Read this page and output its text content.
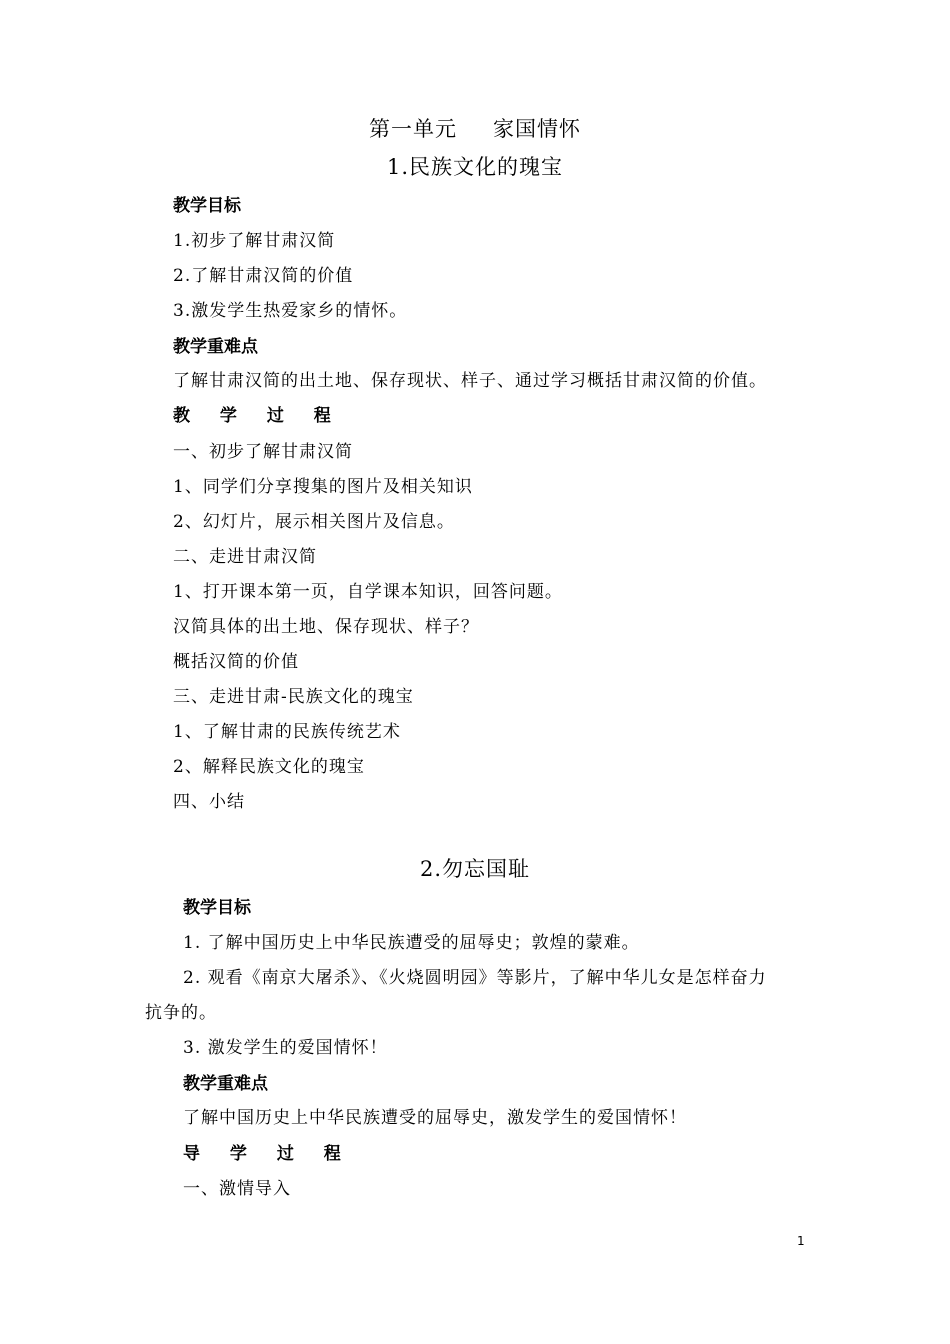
第一单元 家国情怀
1.民族文化的瑰宝
教学目标
1.初步了解甘肃汉简
2.了解甘肃汉简的价值
3.激发学生热爱家乡的情怀。
教学重难点
了解甘肃汉简的出土地、保存现状、样子、通过学习概括甘肃汉简的价值。
教 学 过 程
一、初步了解甘肃汉简
1、同学们分享搜集的图片及相关知识
2、幻灯片，展示相关图片及信息。
二、走进甘肃汉简
1、打开课本第一页，自学课本知识，回答问题。
汉简具体的出土地、保存现状、样子？
概括汉简的价值
三、走进甘肃-民族文化的瑰宝
1、了解甘肃的民族传统艺术
2、解释民族文化的瑰宝
四、小结
2.勿忘国耻
教学目标
1. 了解中国历史上中华民族遭受的屈辱史；敦煌的蒙难。
2. 观看《南京大屠杀》、《火烧圆明园》等影片，了解中华儿女是怎样奋力
抗争的。
3. 激发学生的爱国情怀！
教学重难点
了解中国历史上中华民族遭受的屈辱史，激发学生的爱国情怀！
导 学 过 程
一、激情导入
1
